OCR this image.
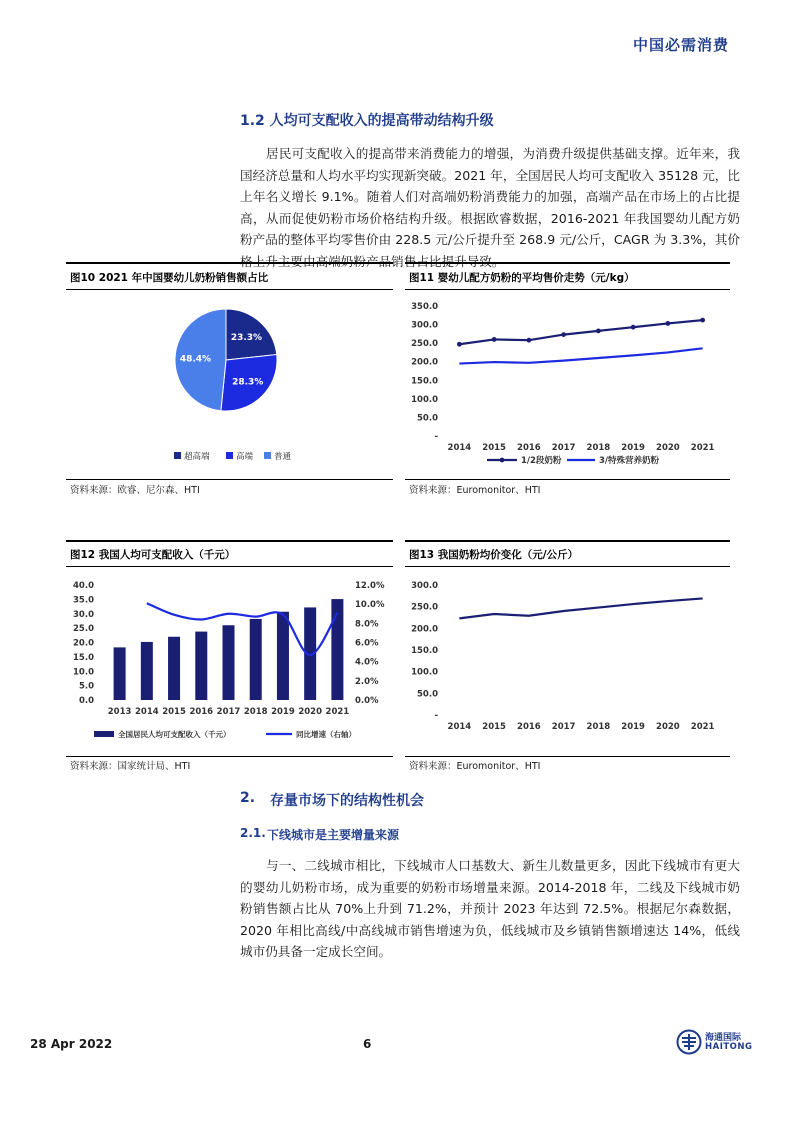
中国必需消费
1.2 人均可支配收入的提高带动结构升级
居民可支配收入的提高带来消费能力的增强，为消费升级提供基础支撑。近年来，我国经济总量和人均水平均实现新突破。2021 年，全国居民人均可支配收入 35128 元，比上年名义增长 9.1%。随着人们对高端奶粉消费能力的加强，高端产品在市场上的占比提高，从而促使奶粉市场价格结构升级。根据欧睿数据，2016-2021 年我国婴幼儿配方奶粉产品的整体平均零售价由 228.5 元/公斤提升至 268.9 元/公斤，CAGR 为 3.3%，其价格上升主要由高端奶粉产品销售占比提升导致。
图10 2021 年中国婴幼儿奶粉销售额占比
23.3%
28.3%
48.4%
超高端	高端 普通
资料来源：欧睿、尼尔森、HTI
图11 婴幼儿配方奶粉的平均售价走势（元/kg）
-
50.0
100.0
150.0
200.0
250.0
300.0
350.0
2014 2015 2016 2017 2018 2019 2020 2021
1/2段奶粉	3/特殊营养奶粉
资料来源：Euromonitor、HTI
图12 我国人均可支配收入（千元）
0.0
5.0
10.0
15.0
20.0
25.0
30.0
35.0
40.0
0.0%
2.0%
4.0%
6.0%
8.0%
10.0%
12.0%
2013 2014 2015 2016 2017 2018 2019 2020 2021
全国居民人均可支配收入（千元）	同比增速（右轴）
资料来源：国家统计局、HTI
图13 我国奶粉均价变化（元/公斤）
-
50.0
100.0
150.0
200.0
250.0
300.0
2014 2015 2016 2017 2018 2019 2020 2021
资料来源：Euromonitor、HTI
2. 存量市场下的结构性机会
2.1. 下线城市是主要增量来源
与一、二线城市相比，下线城市人口基数大、新生儿数量更多，因此下线城市有更大的婴幼儿奶粉市场，成为重要的奶粉市场增量来源。2014-2018 年，二线及下线城市奶粉销售额占比从 70%上升到 71.2%，并预计 2023 年达到 72.5%。根据尼尔森数据，2020 年相比高线/中高线城市销售增速为负，低线城市及乡镇销售额增速达 14%，低线城市仍具备一定成长空间。
28 Apr 2022	6	海通国际
HAITONG
